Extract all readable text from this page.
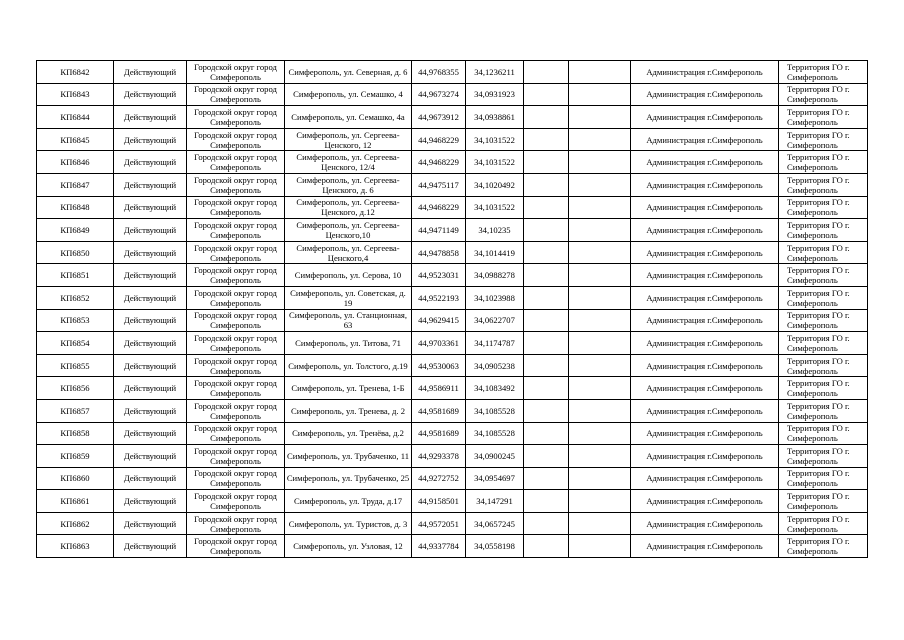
КП6842	Действующий	Городской округ город Симферополь	Симферополь, ул. Северная, д. 6	44,9768355	34,1236211			Администрация г.Симферополь	Территория ГО г. Симферополь
КП6843	Действующий	Городской округ город Симферополь	Симферополь, ул. Семашко, 4	44,9673274	34,0931923			Администрация г.Симферополь	Территория ГО г. Симферополь
КП6844	Действующий	Городской округ город Симферополь	Симферополь, ул. Семашко, 4а	44,9673912	34,0938861			Администрация г.Симферополь	Территория ГО г. Симферополь
КП6845	Действующий	Городской округ город Симферополь	Симферополь, ул. Сергеева-Ценского, 12	44,9468229	34,1031522			Администрация г.Симферополь	Территория ГО г. Симферополь
КП6846	Действующий	Городской округ город Симферополь	Симферополь, ул. Сергеева-Ценского, 12/4	44,9468229	34,1031522			Администрация г.Симферополь	Территория ГО г. Симферополь
КП6847	Действующий	Городской округ город Симферополь	Симферополь, ул. Сергеева-Ценского, д. 6	44,9475117	34,1020492			Администрация г.Симферополь	Территория ГО г. Симферополь
КП6848	Действующий	Городской округ город Симферополь	Симферополь, ул. Сергеева-Ценского, д.12	44,9468229	34,1031522			Администрация г.Симферополь	Территория ГО г. Симферополь
КП6849	Действующий	Городской округ город Симферополь	Симферополь, ул. Сергеева-Ценского,10	44,9471149	34,10235			Администрация г.Симферополь	Территория ГО г. Симферополь
КП6850	Действующий	Городской округ город Симферополь	Симферополь, ул. Сергеева-Ценского,4	44,9478858	34,1014419			Администрация г.Симферополь	Территория ГО г. Симферополь
КП6851	Действующий	Городской округ город Симферополь	Симферополь, ул. Серова, 10	44,9523031	34,0988278			Администрация г.Симферополь	Территория ГО г. Симферополь
КП6852	Действующий	Городской округ город Симферополь	Симферополь, ул. Советская, д. 19	44,9522193	34,1023988			Администрация г.Симферополь	Территория ГО г. Симферополь
КП6853	Действующий	Городской округ город Симферополь	Симферополь, ул. Станционная, 63	44,9629415	34,0622707			Администрация г.Симферополь	Территория ГО г. Симферополь
КП6854	Действующий	Городской округ город Симферополь	Симферополь, ул. Титова, 71	44,9703361	34,1174787			Администрация г.Симферополь	Территория ГО г. Симферополь
КП6855	Действующий	Городской округ город Симферополь	Симферополь, ул. Толстого, д.19	44,9530063	34,0905238			Администрация г.Симферополь	Территория ГО г. Симферополь
КП6856	Действующий	Городской округ город Симферополь	Симферополь, ул. Тренева, 1-Б	44,9586911	34,1083492			Администрация г.Симферополь	Территория ГО г. Симферополь
КП6857	Действующий	Городской округ город Симферополь	Симферополь, ул. Тренева, д. 2	44,9581689	34,1085528			Администрация г.Симферополь	Территория ГО г. Симферополь
КП6858	Действующий	Городской округ город Симферополь	Симферополь, ул. Тренёва, д.2	44,9581689	34,1085528			Администрация г.Симферополь	Территория ГО г. Симферополь
КП6859	Действующий	Городской округ город Симферополь	Симферополь, ул. Трубаченко, 11	44,9293378	34,0900245			Администрация г.Симферополь	Территория ГО г. Симферополь
КП6860	Действующий	Городской округ город Симферополь	Симферополь, ул. Трубаченко, 25	44,9272752	34,0954697			Администрация г.Симферополь	Территория ГО г. Симферополь
КП6861	Действующий	Городской округ город Симферополь	Симферополь, ул. Труда, д.17	44,9158501	34,147291			Администрация г.Симферополь	Территория ГО г. Симферополь
КП6862	Действующий	Городской округ город Симферополь	Симферополь, ул. Туристов, д. 3	44,9572051	34,0657245			Администрация г.Симферополь	Территория ГО г. Симферополь
КП6863	Действующий	Городской округ город Симферополь	Симферополь, ул. Узловая, 12	44,9337784	34,0558198			Администрация г.Симферополь	Территория ГО г. Симферополь
